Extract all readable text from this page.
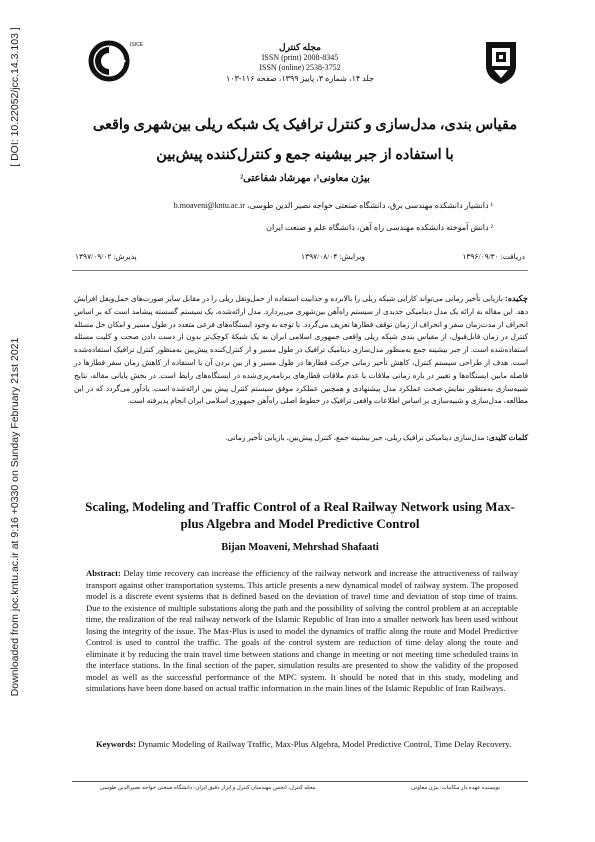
[ DOI: 10.22052/jcc.14.3.103 ]
Downloaded from joc.kntu.ac.ir at 9:16 +0330 on Sunday February 21st 2021
ISICE	مجله کنترل
ISSN (print) 2008-8345
ISSN (online) 2538-3752
جلد ۱۴، شماره ۳، پاییز ۱۳۹۹، صفحه ۱۱۶-۱۰۳
مقیاس بندی، مدل‌سازی و کنترل ترافیک یک شبکه ریلی بین‌شهری واقعی
با استفاده از جبر بیشینه جمع و کنترل‌کننده پیش‌بین
بیژن معاونی¹، مهرشاد شفاعتی²
¹ دانشیار دانشکده مهندسی برق، دانشگاه صنعتی خواجه نصیر الدین طوسی، b.moaveni@kntu.ac.ir
² دانش آموخته دانشکده مهندسی راه آهن، دانشگاه علم و صنعت ایران
دریافت: ۱۳۹۶/۰۹/۳۰
ویرایش: ۱۳۹۷/۰۸/۰۴
پذیرش: ۱۳۹۷/۰۹/۰۲
چکیده: بازیابی تأخیر زمانی می‌تواند کارایی شبکه ریلی را بالابرده و جذابیت استفاده از حمل‌ونقل ریلی را در مقابل سایر صورت‌های حمل‌ونقل افزایش دهد. این مقاله به ارائه یک مدل دینامیکی جدیدی از سیستم راه‌آهن بین‌شهری می‌پردازد. مدل ارائه‌شده، یک سیستم گسسته پیشامد است که بر اساس انحراف از مدت‌زمان سفر و انحراف از زمان توقف قطارها تعریف می‌گردد. با توجه به وجود ایستگاه‌های فرعی متعدد در طول مسیر و امکان حل مسئله کنترل در زمان قابل‌قبول، از مقیاس بندی شبکه ریلی واقعی جمهوری اسلامی ایران به یک شبکهٔ کوچک‌تر بدون از دست دادن صحت و کلیت مسئله استفاده‌شده است. از جبر بیشینه جمع به‌منظور مدل‌سازی دینامیک ترافیک در طول مسیر و از کنترل‌کننده پیش‌بین به‌منظور کنترل ترافیک استفاده‌شده است. هدف از طراحی سیستم کنترل، کاهش تأخیر زمانی حرکت قطارها در طول مسیر و از بین بردن آن با استفاده از کاهش زمان سفر قطارها در فاصله مابین ایستگاه‌ها و تغییر در بازه زمانی ملاقات یا عدم ملاقات قطارهای برنامه‌ریزی‌شده در ایستگاه‌های رابط است. در بخش پایانی مقاله، نتایج شبیه‌سازی به‌منظور نمایش صحت عملکرد مدل پیشنهادی و همچنین عملکرد موفق سیستم کنترل پیش بین ارائه‌شده است. یادآور می‌گردد که در این مطالعه، مدل‌سازی و شبیه‌سازی بر اساس اطلاعات واقعی ترافیک در خطوط اصلی راه‌آهن جمهوری اسلامی ایران انجام پذیرفته است.
کلمات کلیدی: مدل‌سازی دینامیکی ترافیک ریلی، جبر بیشینه جمع، کنترل پیش‌بین، بازیابی تأخیر زمانی.
Scaling, Modeling and Traffic Control of a Real Railway Network using Max-plus Algebra and Model Predictive Control
Bijan Moaveni, Mehrshad Shafaati
Abstract: Delay time recovery can increase the efficiency of the railway network and increase the attractiveness of railway transport against other transportation systems. This article presents a new dynamical model of railway system. The proposed model is a discrete event systems that is defined based on the deviation of travel time and deviation of stop time of trains. Due to the existence of multiple substations along the path and the possibility of solving the control problem at an acceptable time, the realization of the real railway network of the Islamic Republic of Iran into a smaller network has been used without losing the integrity of the issue. The Max-Plus is used to model the dynamics of traffic along the route and Model Predictive Control is used to control the traffic. The goals of the control system are reduction of time delay along the route and eliminate it by reducing the train travel time between stations and change in meeting or not meeting time scheduled trains in the interface stations. In the final section of the paper, simulation results are presented to show the validity of the proposed model as well as the successful performance of the MPC system. It should be noted that in this study, modeling and simulations have been done based on actual traffic information in the main lines of the Islamic Republic of Iran Railways.
Keywords: Dynamic Modeling of Railway Traffic, Max-Plus Algebra, Model Predictive Control, Time Delay Recovery.
نویسنده عهده دار مکاتبات: بیژن معاونی
مجله کنترل، انجمن مهندسان کنترل و ابزار دقیق ایران- دانشگاه صنعتی خواجه نصیرالدین طوسی
